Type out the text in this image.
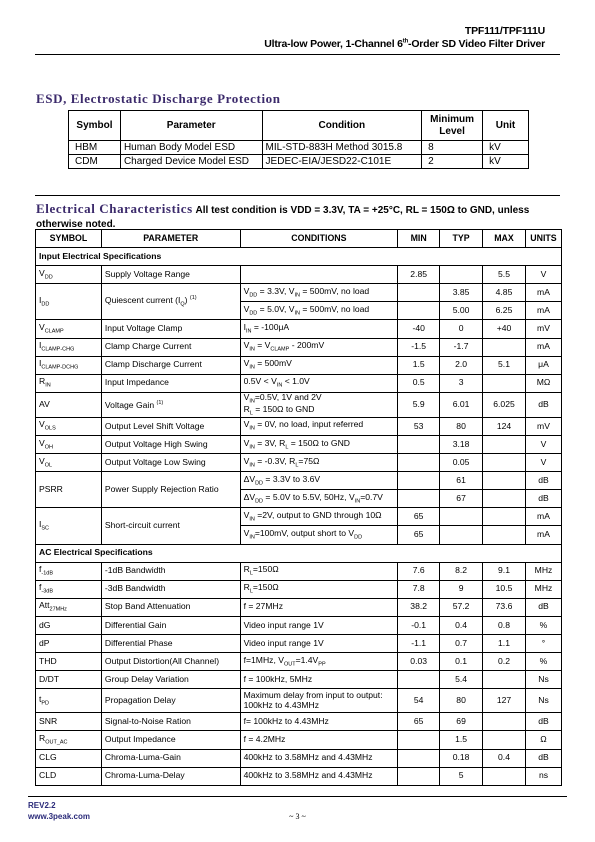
TPF111/TPF111U
Ultra-low Power, 1-Channel 6th-Order SD Video Filter Driver
ESD, Electrostatic Discharge Protection
Symbol	Parameter	Condition	Minimum Level	Unit
HBM	Human Body Model ESD	MIL-STD-883H Method 3015.8	8	kV
CDM	Charged Device Model ESD	JEDEC-EIA/JESD22-C101E	2	kV
Electrical Characteristics All test condition is VDD = 3.3V, TA = +25°C, RL = 150Ω to GND, unless otherwise noted.
SYMBOL	PARAMETER	CONDITIONS	MIN	TYP	MAX	UNITS
Input Electrical Specifications						
$V_{DD}$	Supply Voltage Range		2.85		5.5	V
$I_{DD}$	Quiescent current $(I_Q)$ $^{(1)}$	$V_{DD} = 3.3V$, $V_{IN} = 500mV$, no load		3.85	4.85	mA
		$V_{DD} = 5.0V$, $V_{IN} = 500mV$, no load		5.00	6.25	mA
$V_{CLAMP}$	Input Voltage Clamp	$I_{IN} = -100\mu A$	-40	0	+40	mV
$I_{CLAMP-CHG}$	Clamp Charge Current	$V_{IN} = V_{CLAMP} - 200mV$	-1.5	-1.7		mA
$I_{CLAMP-DCHG}$	Clamp Discharge Current	$V_{IN} = 500mV$	1.5	2.0	5.1	μA
$R_{IN}$	Input Impedance	$0.5V < V_{IN} < 1.0V$	0.5	3		MΩ
AV	Voltage Gain $^{(1)}$	$V_{IN}=0.5V$, 1V and 2V
$R_L = 150\Omega$ to GND	5.9	6.01	6.025	dB
$V_{OLS}$	Output Level Shift Voltage	$V_{IN} = 0V$, no load, input referred	53	80	124	mV
$V_{OH}$	Output Voltage High Swing	$V_{IN} = 3V$, $R_L = 150\Omega$ to GND		3.18		V
$V_{OL}$	Output Voltage Low Swing	$V_{IN} = -0.3V$, $R_L=75\Omega$		0.05		V
PSRR	Power Supply Rejection Ratio	$\Delta V_{DD} = 3.3V$ to 3.6V		61		dB
		$\Delta V_{DD} = 5.0V$ to 5.5V, 50Hz, $V_{IN}=0.7V$		67		dB
$I_{SC}$	Short-circuit current	$V_{IN} =2V$, output to GND through 10Ω	65			mA
		$V_{IN}=100mV$, output short to $V_{DD}$	65			mA
AC Electrical Specifications						
$f_{-1dB}$	-1dB Bandwidth	$R_L=150\Omega$	7.6	8.2	9.1	MHz
$f_{-3dB}$	-3dB Bandwidth	$R_L=150\Omega$	7.8	9	10.5	MHz
Att$_{27MHz}$	Stop Band Attenuation	f = 27MHz	38.2	57.2	73.6	dB
dG	Differential Gain	Video input range 1V	-0.1	0.4	0.8	%
dP	Differential Phase	Video input range 1V	-1.1	0.7	1.1	°
THD	Output Distortion(All Channel)	f=1MHz, $V_{OUT}=1.4V_{PP}$	0.03	0.1	0.2	%
D/DT	Group Delay Variation	f = 100kHz, 5MHz		5.4		Ns
$t_{PD}$	Propagation Delay	Maximum delay from input to output:
100kHz to 4.43MHz	54	80	127	Ns
SNR	Signal-to-Noise Ration	f= 100kHz to 4.43MHz	65	69		dB
$R_{OUT\_AC}$	Output Impedance	f = 4.2MHz		1.5		Ω
CLG	Chroma-Luma-Gain	400kHz to 3.58MHz and 4.43MHz		0.18	0.4	dB
CLD	Chroma-Luma-Delay	400kHz to 3.58MHz and 4.43MHz		5		ns
REV2.2
www.3peak.com	~ 3 ~
